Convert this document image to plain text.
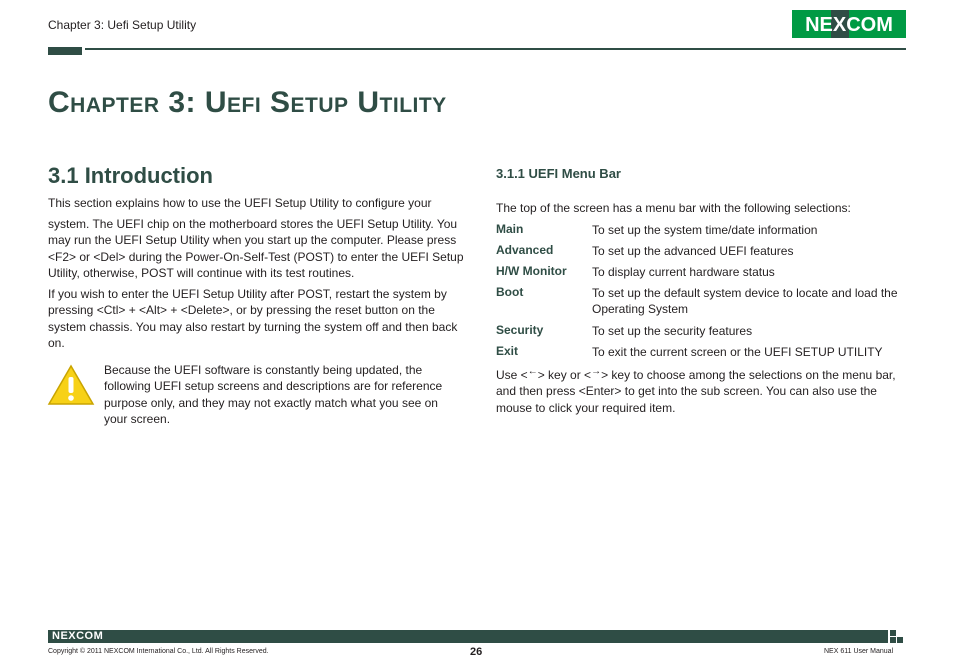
Chapter 3: Uefi Setup Utility	NEXCOM
Chapter 3: Uefi Setup Utility
3.1 Introduction
This section explains how to use the UEFI Setup Utility to configure your
system. The UEFI chip on the motherboard stores the UEFI Setup Utility. You may run the UEFI Setup Utility when you start up the computer. Please press <F2> or <Del> during the Power-On-Self-Test (POST) to enter the UEFI Setup Utility, otherwise, POST will continue with its test routines.
If you wish to enter the UEFI Setup Utility after POST, restart the system by pressing <Ctl> + <Alt> + <Delete>, or by pressing the reset button on the system chassis. You may also restart by turning the system off and then back on.
Because the UEFI software is constantly being updated, the following UEFI setup screens and descriptions are for reference purpose only, and they may not exactly match what you see on your screen.
3.1.1 UEFI Menu Bar
The top of the screen has a menu bar with the following selections:
Main	To set up the system time/date information
Advanced	To set up the advanced UEFI features
H/W Monitor To display current hardware status
Boot	To set up the default system device to locate and load the Operating System
Security	To set up the security features
Exit	To exit the current screen or the UEFI SETUP UTILITY
Use <←> key or <→> key to choose among the selections on the menu bar, and then press <Enter> to get into the sub screen. You can also use the mouse to click your required item.
NEXCOM
Copyright © 2011 NEXCOM International Co., Ltd. All Rights Reserved.	26	NEX 611 User Manual
